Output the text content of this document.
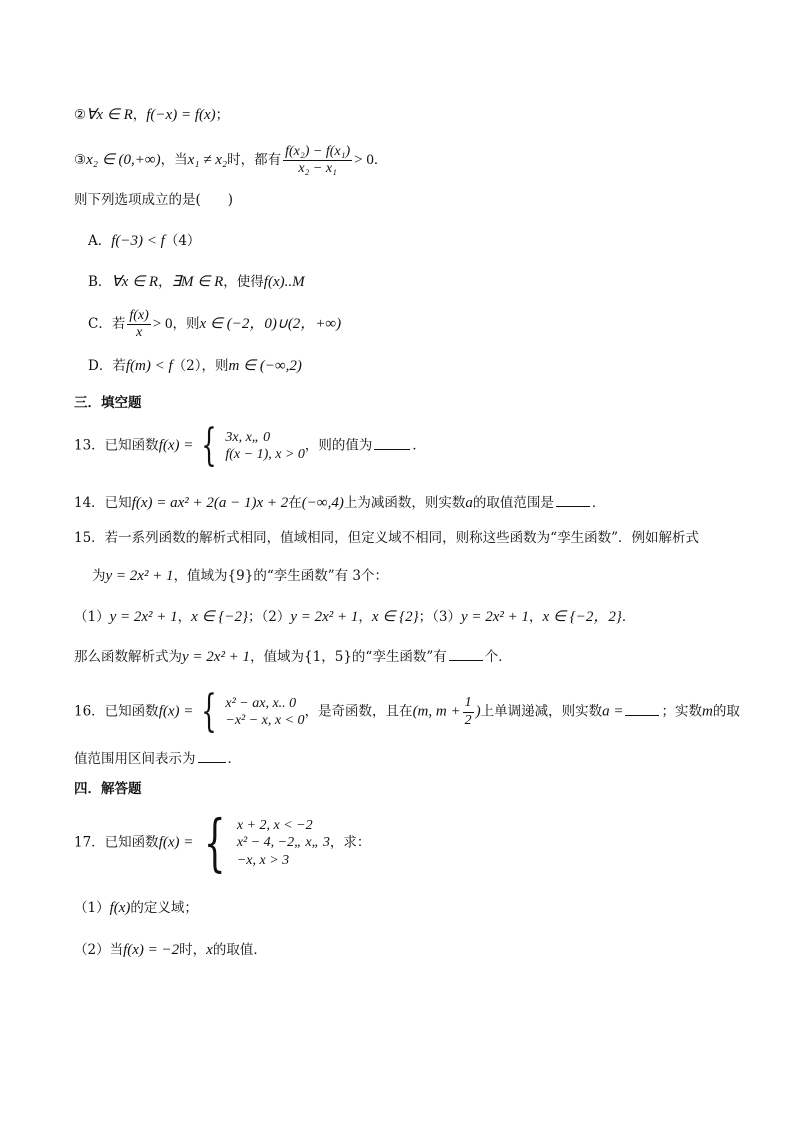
②∀x ∈ R，f(−x) = f(x)；
③x₂ ∈ (0,+∞)，当x₁ ≠ x₂时，都有 $\frac{\text{f(x₂) − f(x₁)}}{\text{x₂ − x₁}} > 0$．
则下列选项成立的是(　　)
A．f(−3) < f（4）
B．∀x ∈ R，∃M ∈ R，使得f(x)..M
C．若 $\frac{f(x)}{x} > 0$，则x ∈ (−2，0)∪(2，+∞)
D．若f(m) < f（2），则m ∈ (−∞,2)
三．填空题
13．已知函数f(x) = { 3x, x„ 0
f(x − 1), x > 0
，则的值为	．
14．已知f(x) = ax² + 2(a − 1)x + 2在(−∞,4)上为减函数，则实数a的取值范围是	．
15．若一系列函数的解析式相同，值域相同，但定义域不相同，则称这些函数为“孪生函数”．例如解析式
为y = 2x² + 1，值域为{9}的“孪生函数”有 3个：
（1）y = 2x² + 1，x ∈ {−2}；（2）y = 2x² + 1，x ∈ {2}；（3）y = 2x² + 1，x ∈ {−2，2}．
那么函数解析式为y = 2x² + 1，值域为{1，5}的“孪生函数”有	个．
16．已知函数f(x) = { x² − ax, x.. 0
−x² − x, x < 0
，是奇函数，且在(m, $m + \frac{1}{2}$ )上单调递减，则实数a =	；实数m的取
值范围用区间表示为 ．
四．解答题
17．已知函数f(x) = { x + 2, x < −2
x² − 4, −2„ x„ 3
−x, x > 3
，求：
（1）f(x)的定义域；
（2）当f(x) = −2时，x的取值．
